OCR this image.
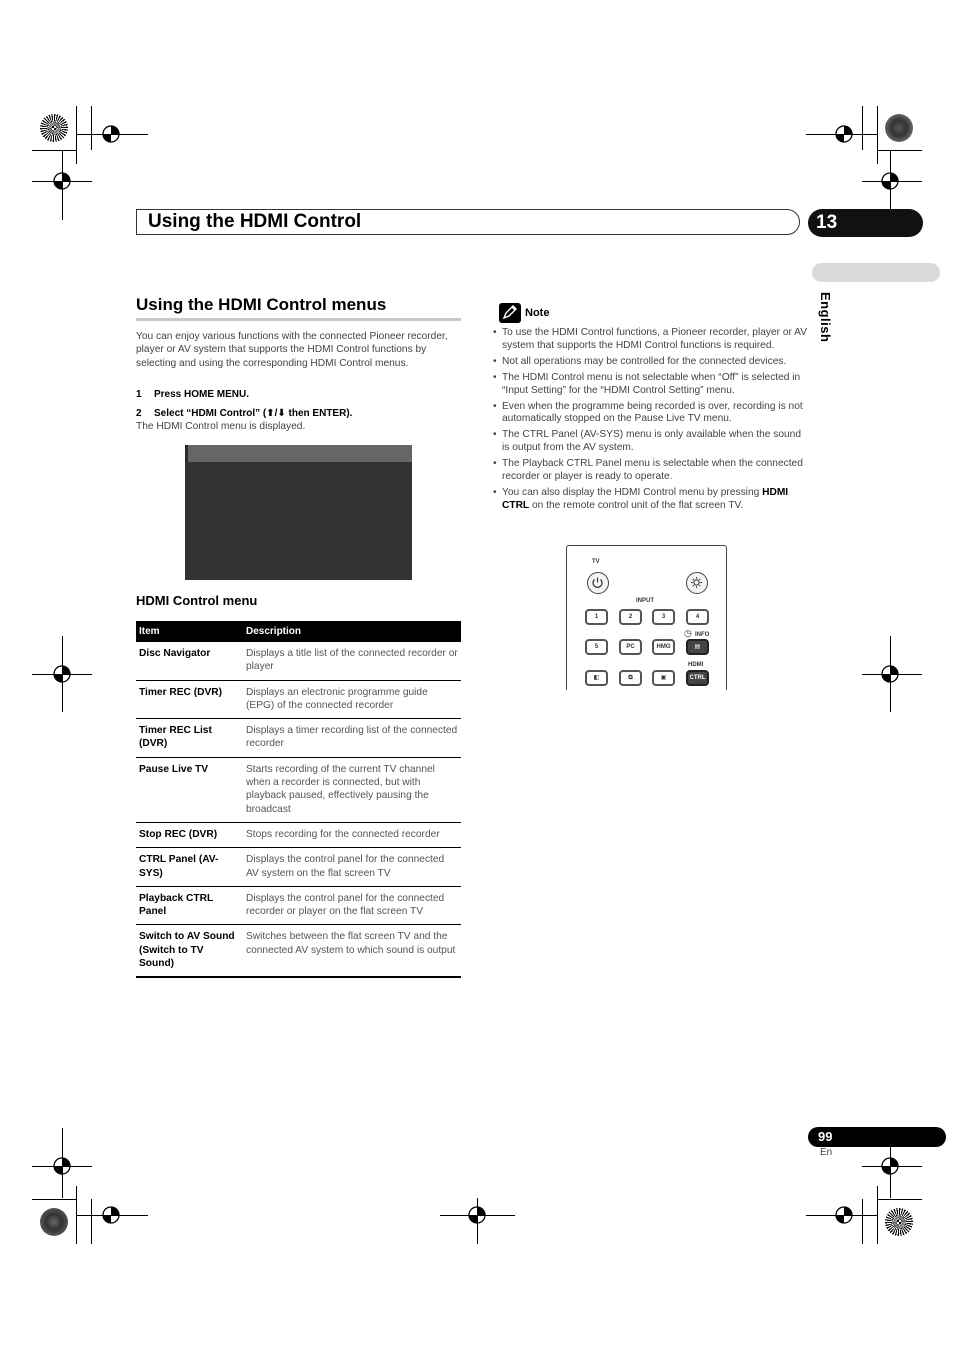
Using the HDMI Control	13
English
Using the HDMI Control menus
You can enjoy various functions with the connected Pioneer recorder, player or AV system that supports the HDMI Control functions by selecting and using the corresponding HDMI Control menus.
1 Press HOME MENU.
2 Select “HDMI Control” (⬆/⬇ then ENTER).
The HDMI Control menu is displayed.
HDMI Control menu
Item	Description
Disc Navigator	Displays a title list of the connected recorder or player
Timer REC (DVR)	Displays an electronic programme guide (EPG) of the connected recorder
Timer REC List (DVR)	Displays a timer recording list of the connected recorder
Pause Live TV	Starts recording of the current TV channel when a recorder is connected, but with playback paused, effectively pausing the broadcast
Stop REC (DVR)	Stops recording for the connected recorder
CTRL Panel (AV-SYS)	Displays the control panel for the connected AV system on the flat screen TV
Playback CTRL Panel	Displays the control panel for the connected recorder or player on the flat screen TV
Switch to AV Sound (Switch to TV Sound)	Switches between the flat screen TV and the connected AV system to which sound is output
Note
• To use the HDMI Control functions, a Pioneer recorder, player or AV system that supports the HDMI Control functions is required.
• Not all operations may be controlled for the connected devices.
• The HDMI Control menu is not selectable when “Off” is selected in “Input Setting” for the “HDMI Control Setting” menu.
• Even when the programme being recorded is over, recording is not automatically stopped on the Pause Live TV menu.
• The CTRL Panel (AV-SYS) menu is only available when the sound is output from the AV system.
• The Playback CTRL Panel menu is selectable when the connected recorder or player is ready to operate.
• You can also display the HDMI Control menu by pressing HDMI CTRL on the remote control unit of the flat screen TV.
TV
INPUT
1	2	3	4
◷ INFO
5	PC	HMG	▤
HDMI
◧	⧉	▣	CTRL
99
En
